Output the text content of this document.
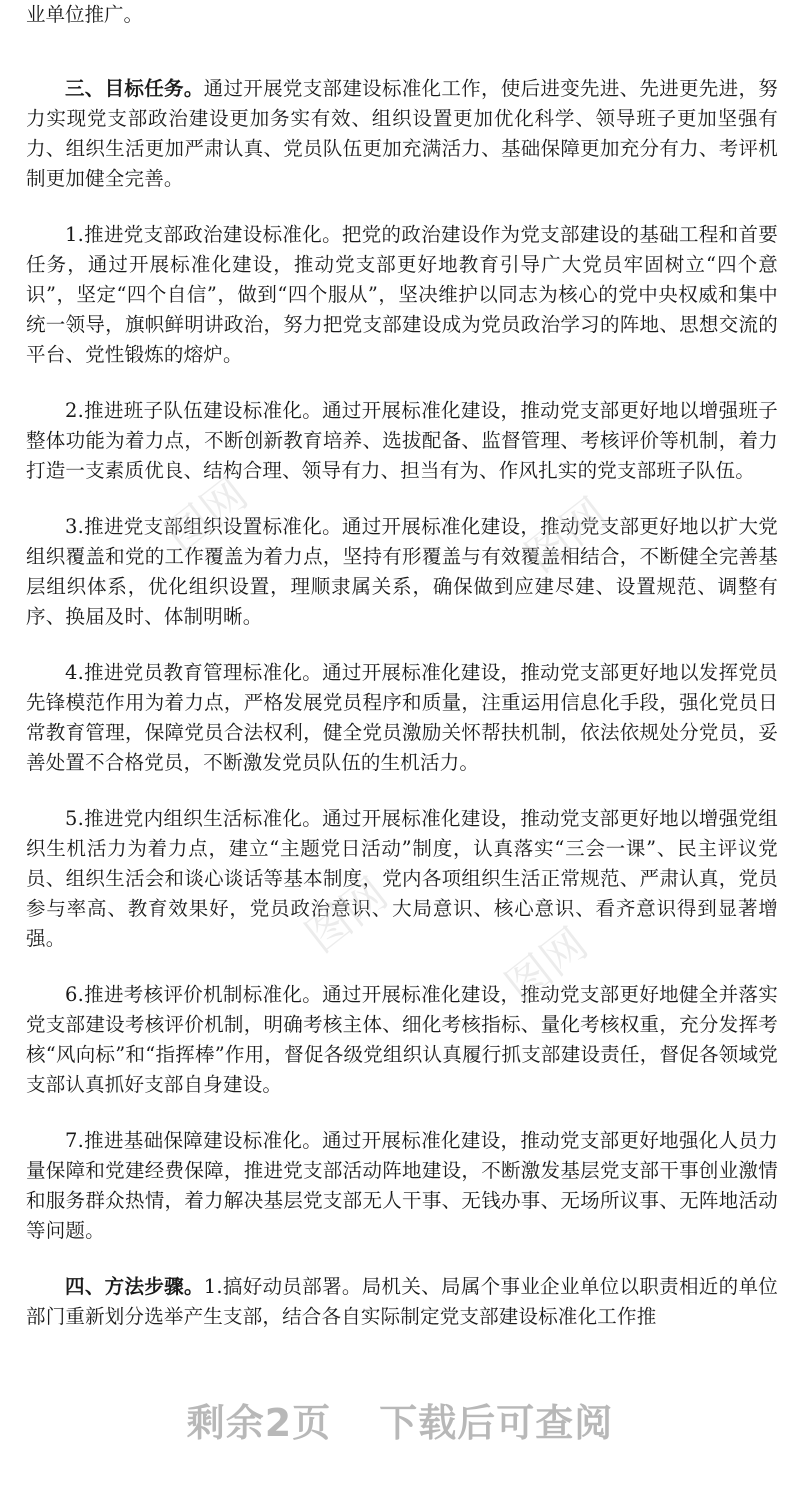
业单位推广。

三、目标任务。通过开展党支部建设标准化工作，使后进变先进、先进更先进，努力实现党支部政治建设更加务实有效、组织设置更加优化科学、领导班子更加坚强有力、组织生活更加严肃认真、党员队伍更加充满活力、基础保障更加充分有力、考评机制更加健全完善。

1.推进党支部政治建设标准化。把党的政治建设作为党支部建设的基础工程和首要任务，通过开展标准化建设，推动党支部更好地教育引导广大党员牢固树立“四个意识”，坚定“四个自信”，做到“四个服从”，坚决维护以同志为核心的党中央权威和集中统一领导，旗帜鲜明讲政治，努力把党支部建设成为党员政治学习的阵地、思想交流的平台、党性锻炼的熔炉。

2.推进班子队伍建设标准化。通过开展标准化建设，推动党支部更好地以增强班子整体功能为着力点，不断创新教育培养、选拔配备、监督管理、考核评价等机制，着力打造一支素质优良、结构合理、领导有力、担当有为、作风扎实的党支部班子队伍。

3.推进党支部组织设置标准化。通过开展标准化建设，推动党支部更好地以扩大党组织覆盖和党的工作覆盖为着力点，坚持有形覆盖与有效覆盖相结合，不断健全完善基层组织体系，优化组织设置，理顺隶属关系，确保做到应建尽建、设置规范、调整有序、换届及时、体制明晰。

4.推进党员教育管理标准化。通过开展标准化建设，推动党支部更好地以发挥党员先锋模范作用为着力点，严格发展党员程序和质量，注重运用信息化手段，强化党员日常教育管理，保障党员合法权利，健全党员激励关怀帮扶机制，依法依规处分党员，妥善处置不合格党员，不断激发党员队伍的生机活力。

5.推进党内组织生活标准化。通过开展标准化建设，推动党支部更好地以增强党组织生机活力为着力点，建立“主题党日活动”制度，认真落实“三会一课”、民主评议党员、组织生活会和谈心谈话等基本制度，党内各项组织生活正常规范、严肃认真，党员参与率高、教育效果好，党员政治意识、大局意识、核心意识、看齐意识得到显著增强。

6.推进考核评价机制标准化。通过开展标准化建设，推动党支部更好地健全并落实党支部建设考核评价机制，明确考核主体、细化考核指标、量化考核权重，充分发挥考核“风向标”和“指挥棒”作用，督促各级党组织认真履行抓支部建设责任，督促各领域党支部认真抓好支部自身建设。

7.推进基础保障建设标准化。通过开展标准化建设，推动党支部更好地强化人员力量保障和党建经费保障，推进党支部活动阵地建设，不断激发基层党支部干事创业激情和服务群众热情，着力解决基层党支部无人干事、无钱办事、无场所议事、无阵地活动等问题。

四、方法步骤。1.搞好动员部署。局机关、局属个事业企业单位以职责相近的单位部门重新划分选举产生支部，结合各自实际制定党支部建设标准化工作推

图网	图网
图网
图网
剩余2页 下载后可查阅
